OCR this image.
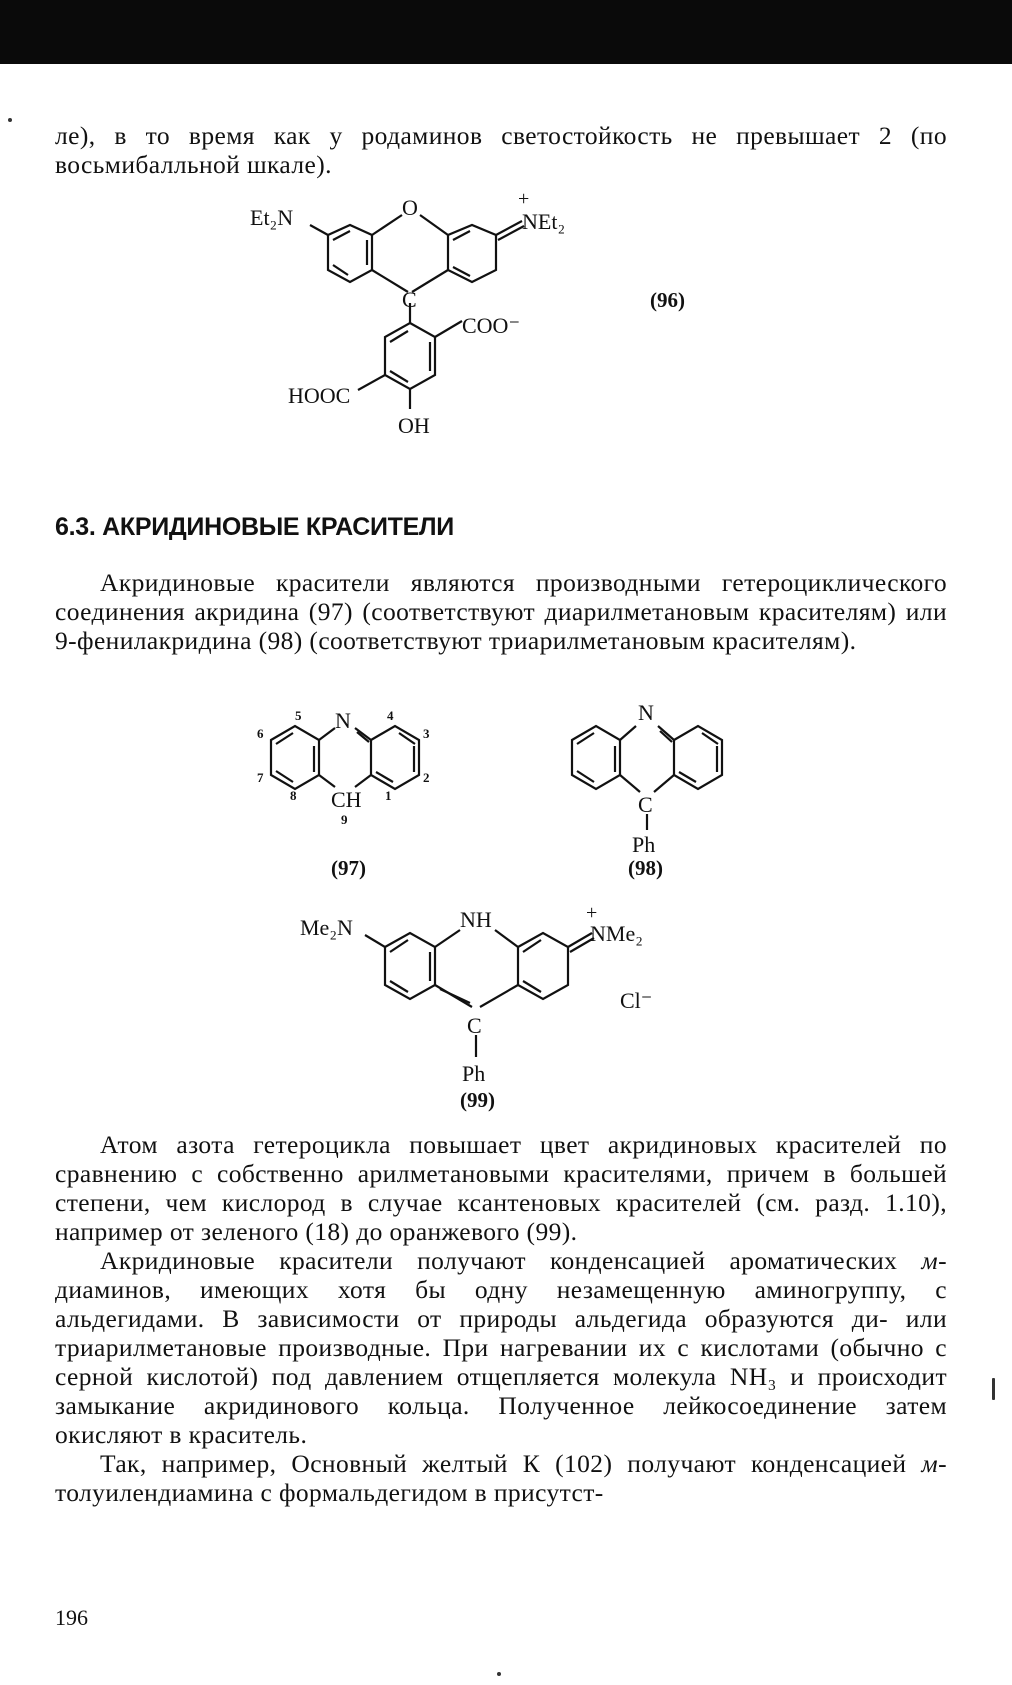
ле), в то время как у родаминов светостойкость не превышает 2 (по восьмибалльной шкале).

Et₂N	O	+
NEt₂
C
COO⁻
HOOC
OH
(96)
6.3. АКРИДИНОВЫЕ КРАСИТЕЛИ

Акридиновые красители являются производными гетероциклического соединения акридина (97) (соответствуют диарилметановым красителям) или 9-фенилакридина (98) (соответствуют триарилметановым красителям).

N
CH 1
2
3
4
5
6
7
8
9
(97)
N
C
Ph
(98)
Me₂N	NH	+
NMe₂
Cl⁻
C
Ph
(99)

Атом азота гетероцикла повышает цвет акридиновых красителей по сравнению с собственно арилметановыми красителями, причем в большей степени, чем кислород в случае ксантеновых красителей (см. разд. 1.10), например от зеленого (18) до оранжевого (99).

Акридиновые красители получают конденсацией ароматических м-диаминов, имеющих хотя бы одну незамещенную аминогруппу, с альдегидами. В зависимости от природы альдегида образуются ди- или триарилметановые производные. При нагревании их с кислотами (обычно с серной кислотой) под давлением отщепляется молекула NH₃ и происходит замыкание акридинового кольца. Полученное лейкосоединение затем окисляют в краситель.

Так, например, Основный желтый К (102) получают конденсацией м-толуилендиамина с формальдегидом в присутст-

196
